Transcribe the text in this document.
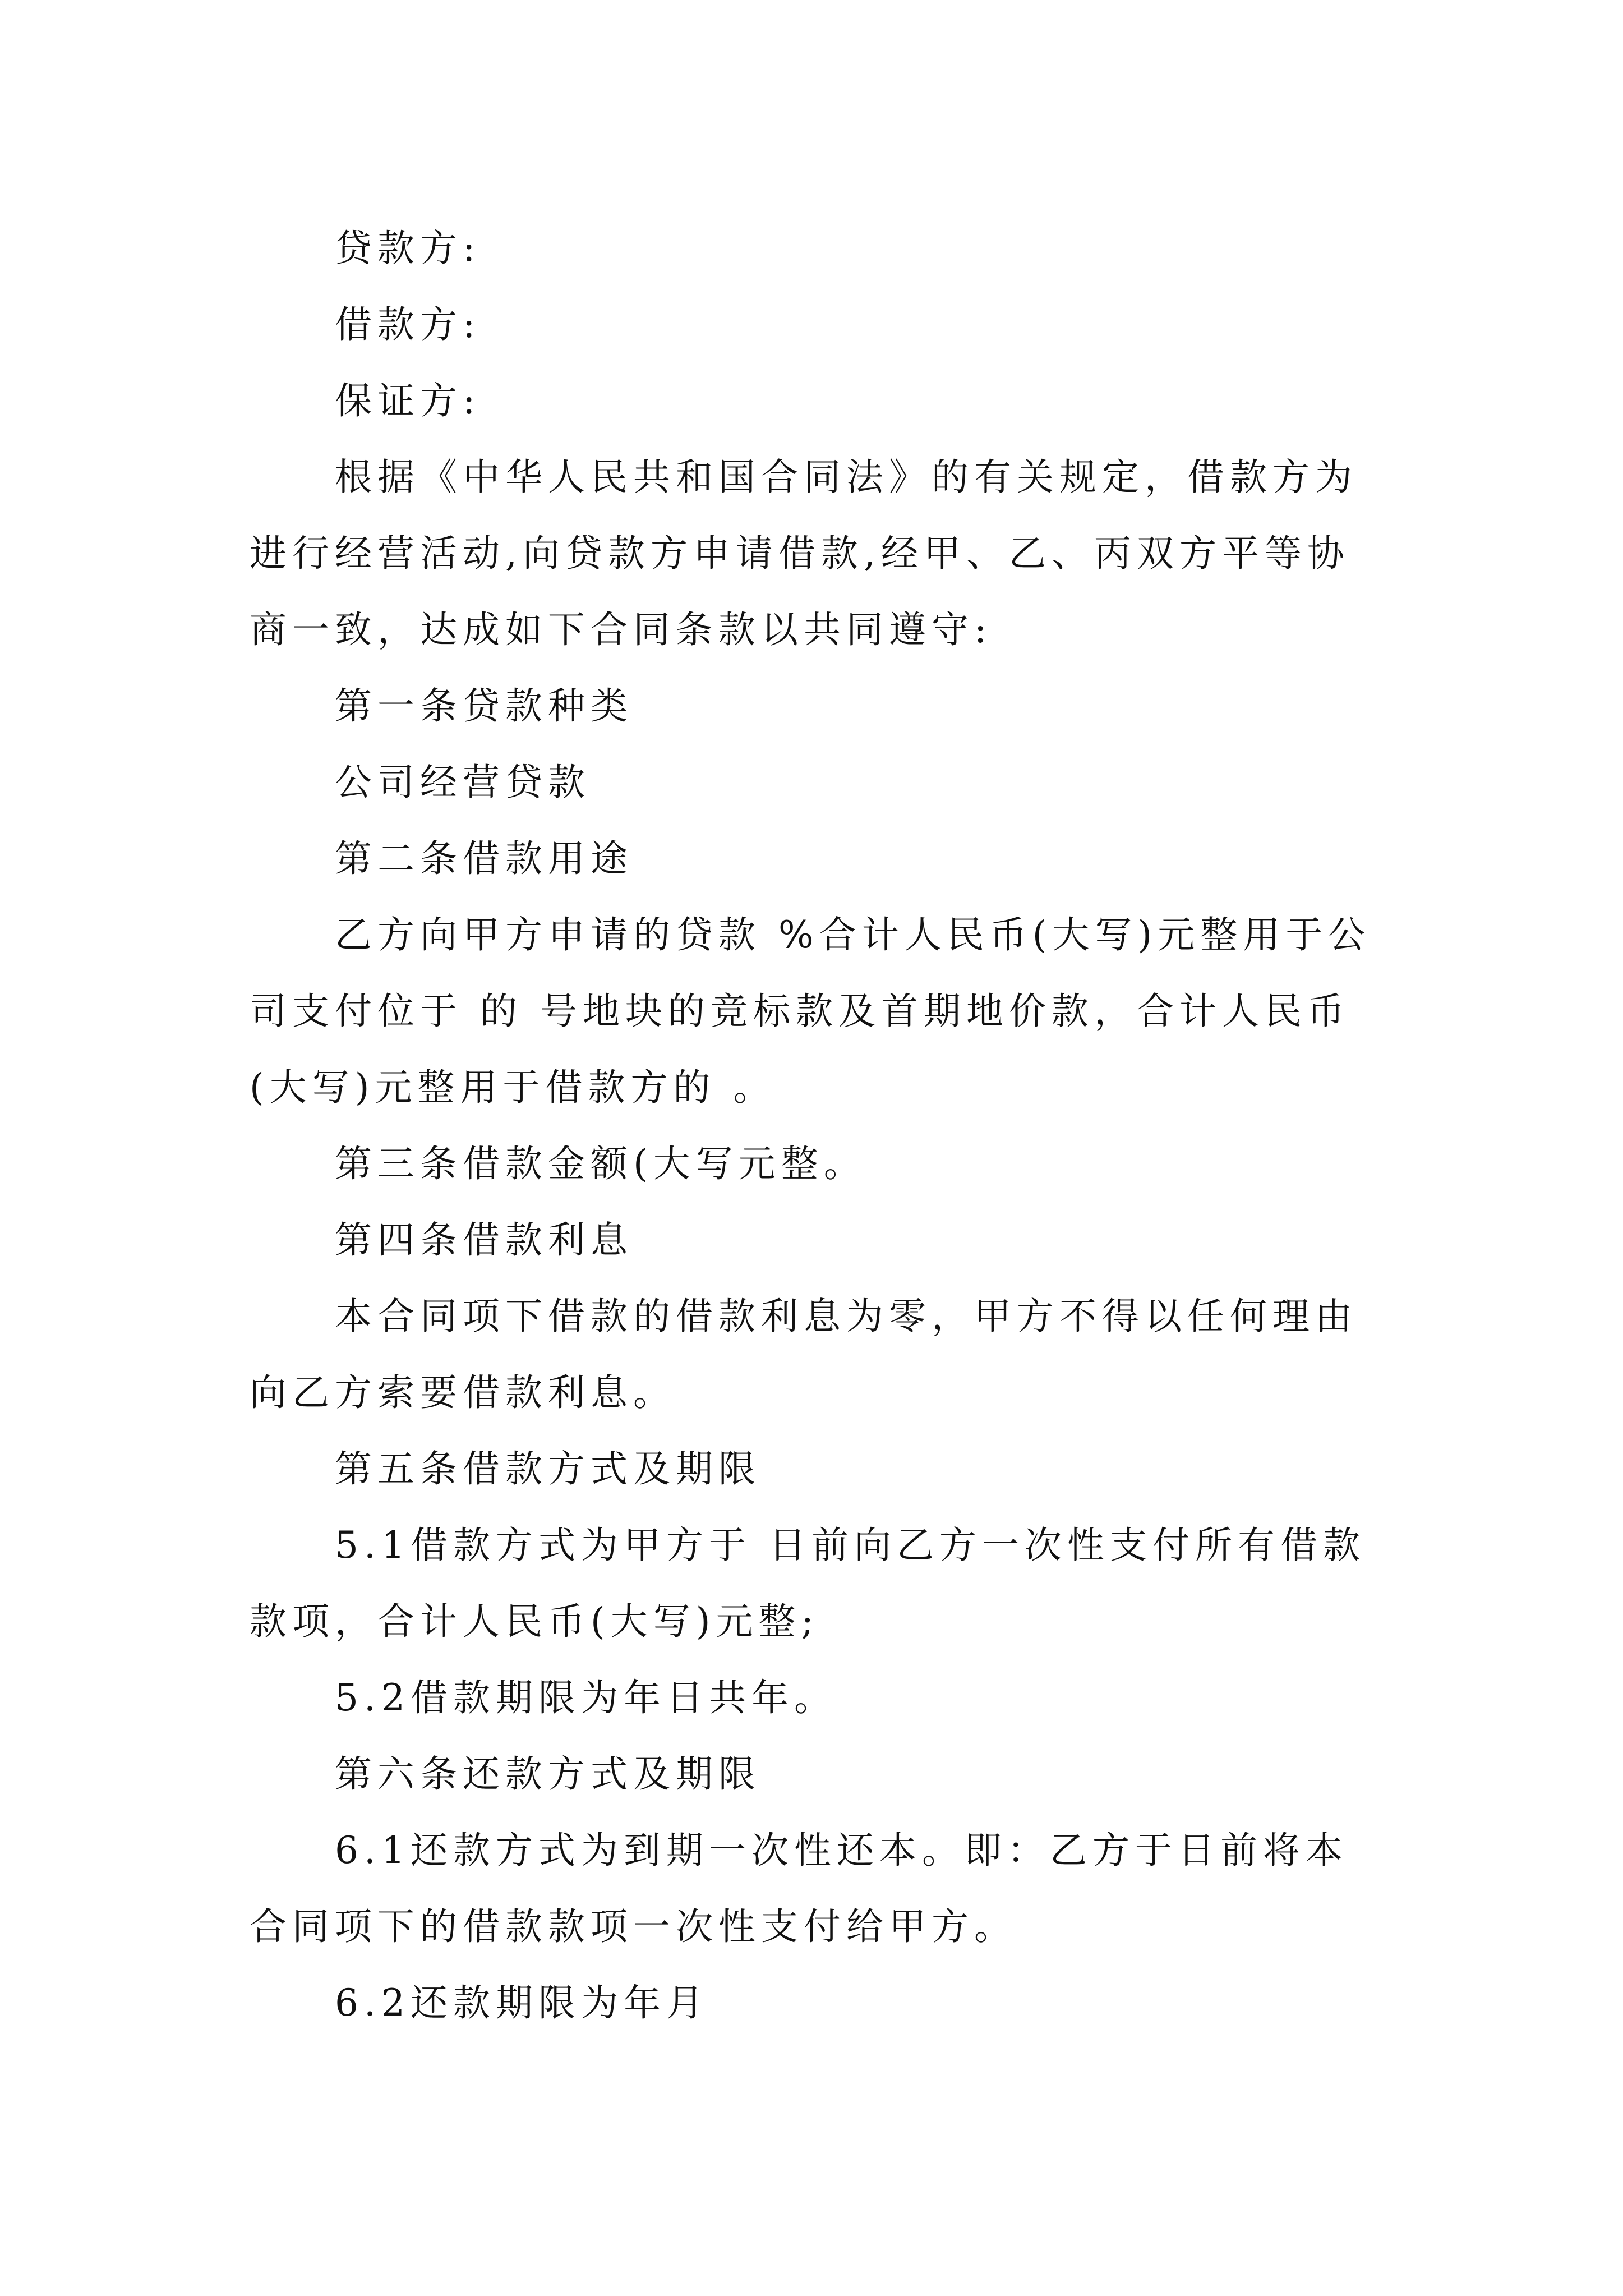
贷款方:

借款方:

保证方:

根据《中华人民共和国合同法》的有关规定，借款方为进行经营活动,向贷款方申请借款,经甲、乙、丙双方平等协商一致，达成如下合同条款以共同遵守:

第一条贷款种类

公司经营贷款

第二条借款用途

乙方向甲方申请的贷款 %合计人民币(大写)元整用于公司支付位于 的 号地块的竞标款及首期地价款，合计人民币(大写)元整用于借款方的 。

第三条借款金额(大写元整。

第四条借款利息

本合同项下借款的借款利息为零，甲方不得以任何理由向乙方索要借款利息。

第五条借款方式及期限

5.1借款方式为甲方于 日前向乙方一次性支付所有借款款项，合计人民币(大写)元整;

5.2借款期限为年日共年。

第六条还款方式及期限

6.1还款方式为到期一次性还本。即：乙方于日前将本合同项下的借款款项一次性支付给甲方。

6.2还款期限为年月
